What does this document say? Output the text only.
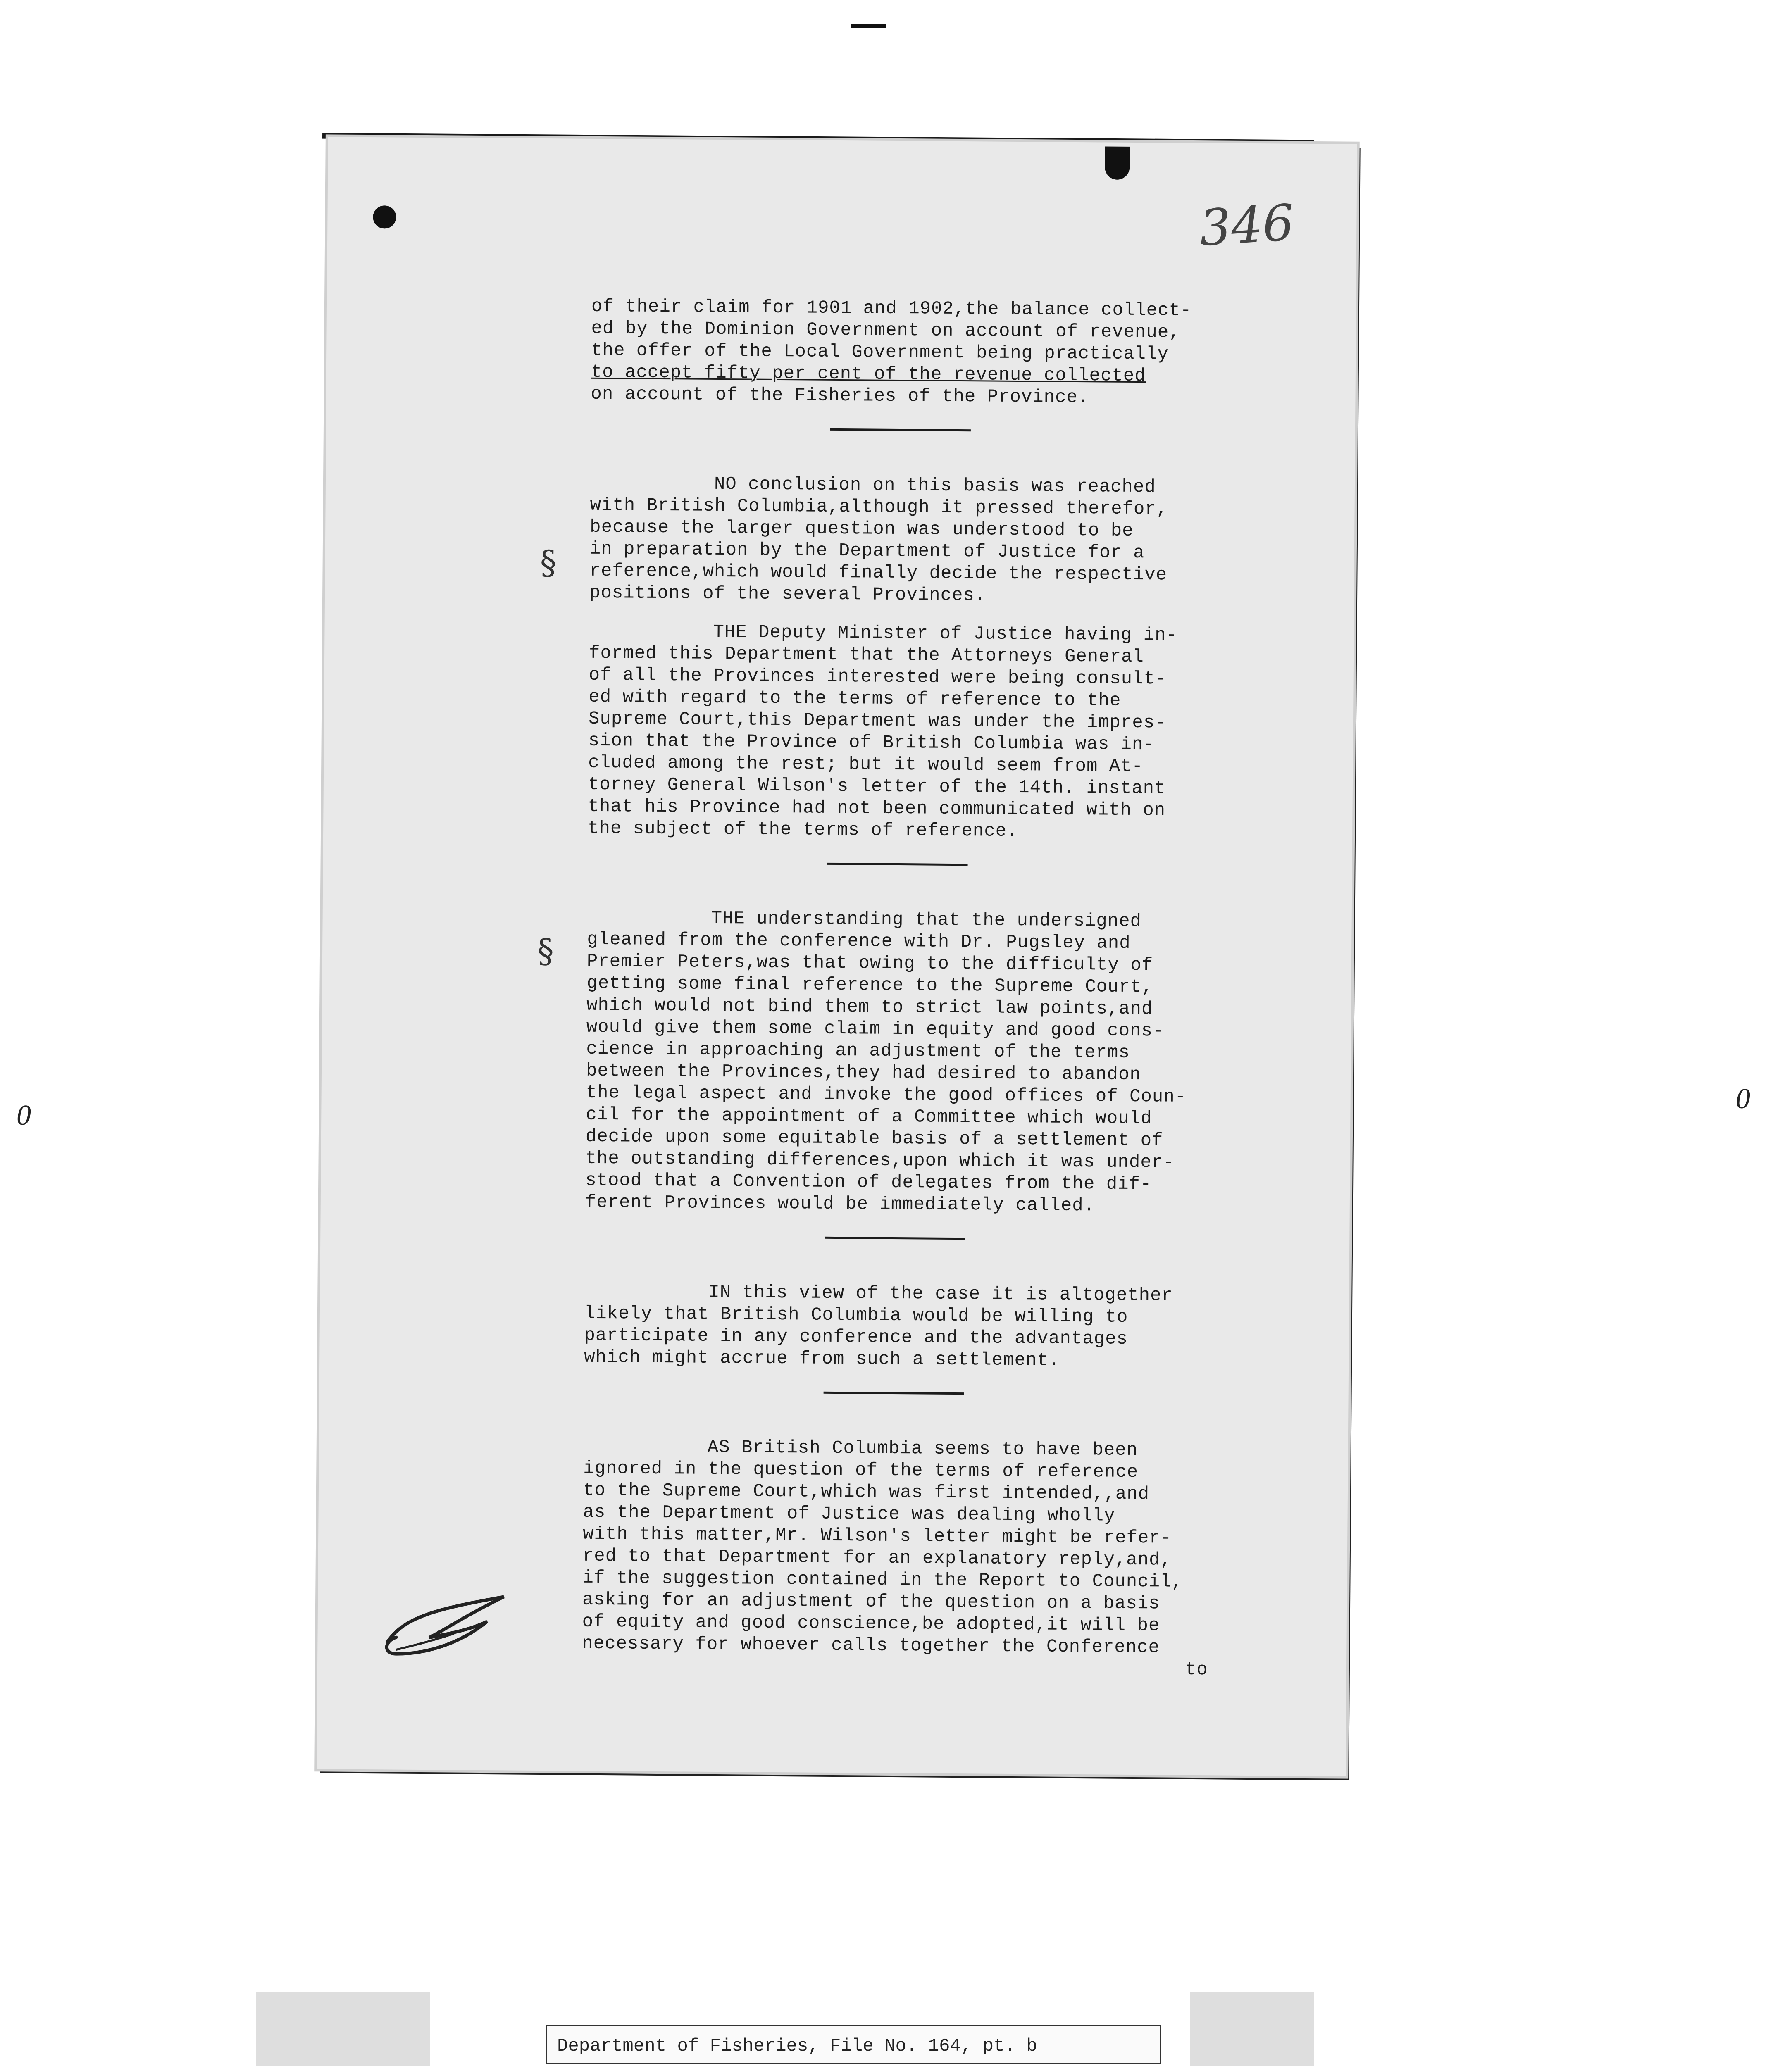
0
0
346
§
§
of their claim for 1901 and 1902,the balance collect-
ed by the Dominion Government on account of revenue,
the offer of the Local Government being practically
to accept fifty per cent of the revenue collected
on account of the Fisheries of the Province.
NO conclusion on this basis was reached
with British Columbia,although it pressed therefor,
because the larger question was understood to be
in preparation by the Department of Justice for a
reference,which would finally decide the respective
positions of the several Provinces.
THE Deputy Minister of Justice having in-
formed this Department that the Attorneys General
of all the Provinces interested were being consult-
ed with regard to the terms of reference to the
Supreme Court,this Department was under the impres-
sion that the Province of British Columbia was in-
cluded among the rest; but it would seem from At-
torney General Wilson's letter of the 14th. instant
that his Province had not been communicated with on
the subject of the terms of reference.
THE understanding that the undersigned
gleaned from the conference with Dr. Pugsley and
Premier Peters,was that owing to the difficulty of
getting some final reference to the Supreme Court,
which would not bind them to strict law points,and
would give them some claim in equity and good cons-
cience in approaching an adjustment of the terms
between the Provinces,they had desired to abandon
the legal aspect and invoke the good offices of Coun-
cil for the appointment of a Committee which would
decide upon some equitable basis of a settlement of
the outstanding differences,upon which it was under-
stood that a Convention of delegates from the dif-
ferent Provinces would be immediately called.
IN this view of the case it is altogether
likely that British Columbia would be willing to
participate in any conference and the advantages
which might accrue from such a settlement.
AS British Columbia seems to have been
ignored in the question of the terms of reference
to the Supreme Court,which was first intended,,and
as the Department of Justice was dealing wholly
with this matter,Mr. Wilson's letter might be refer-
red to that Department for an explanatory reply,and,
if the suggestion contained in the Report to Council,
asking for an adjustment of the question on a basis
of equity and good conscience,be adopted,it will be
necessary for whoever calls together the Conference
to
Department of Fisheries, File No. 164, pt. b
